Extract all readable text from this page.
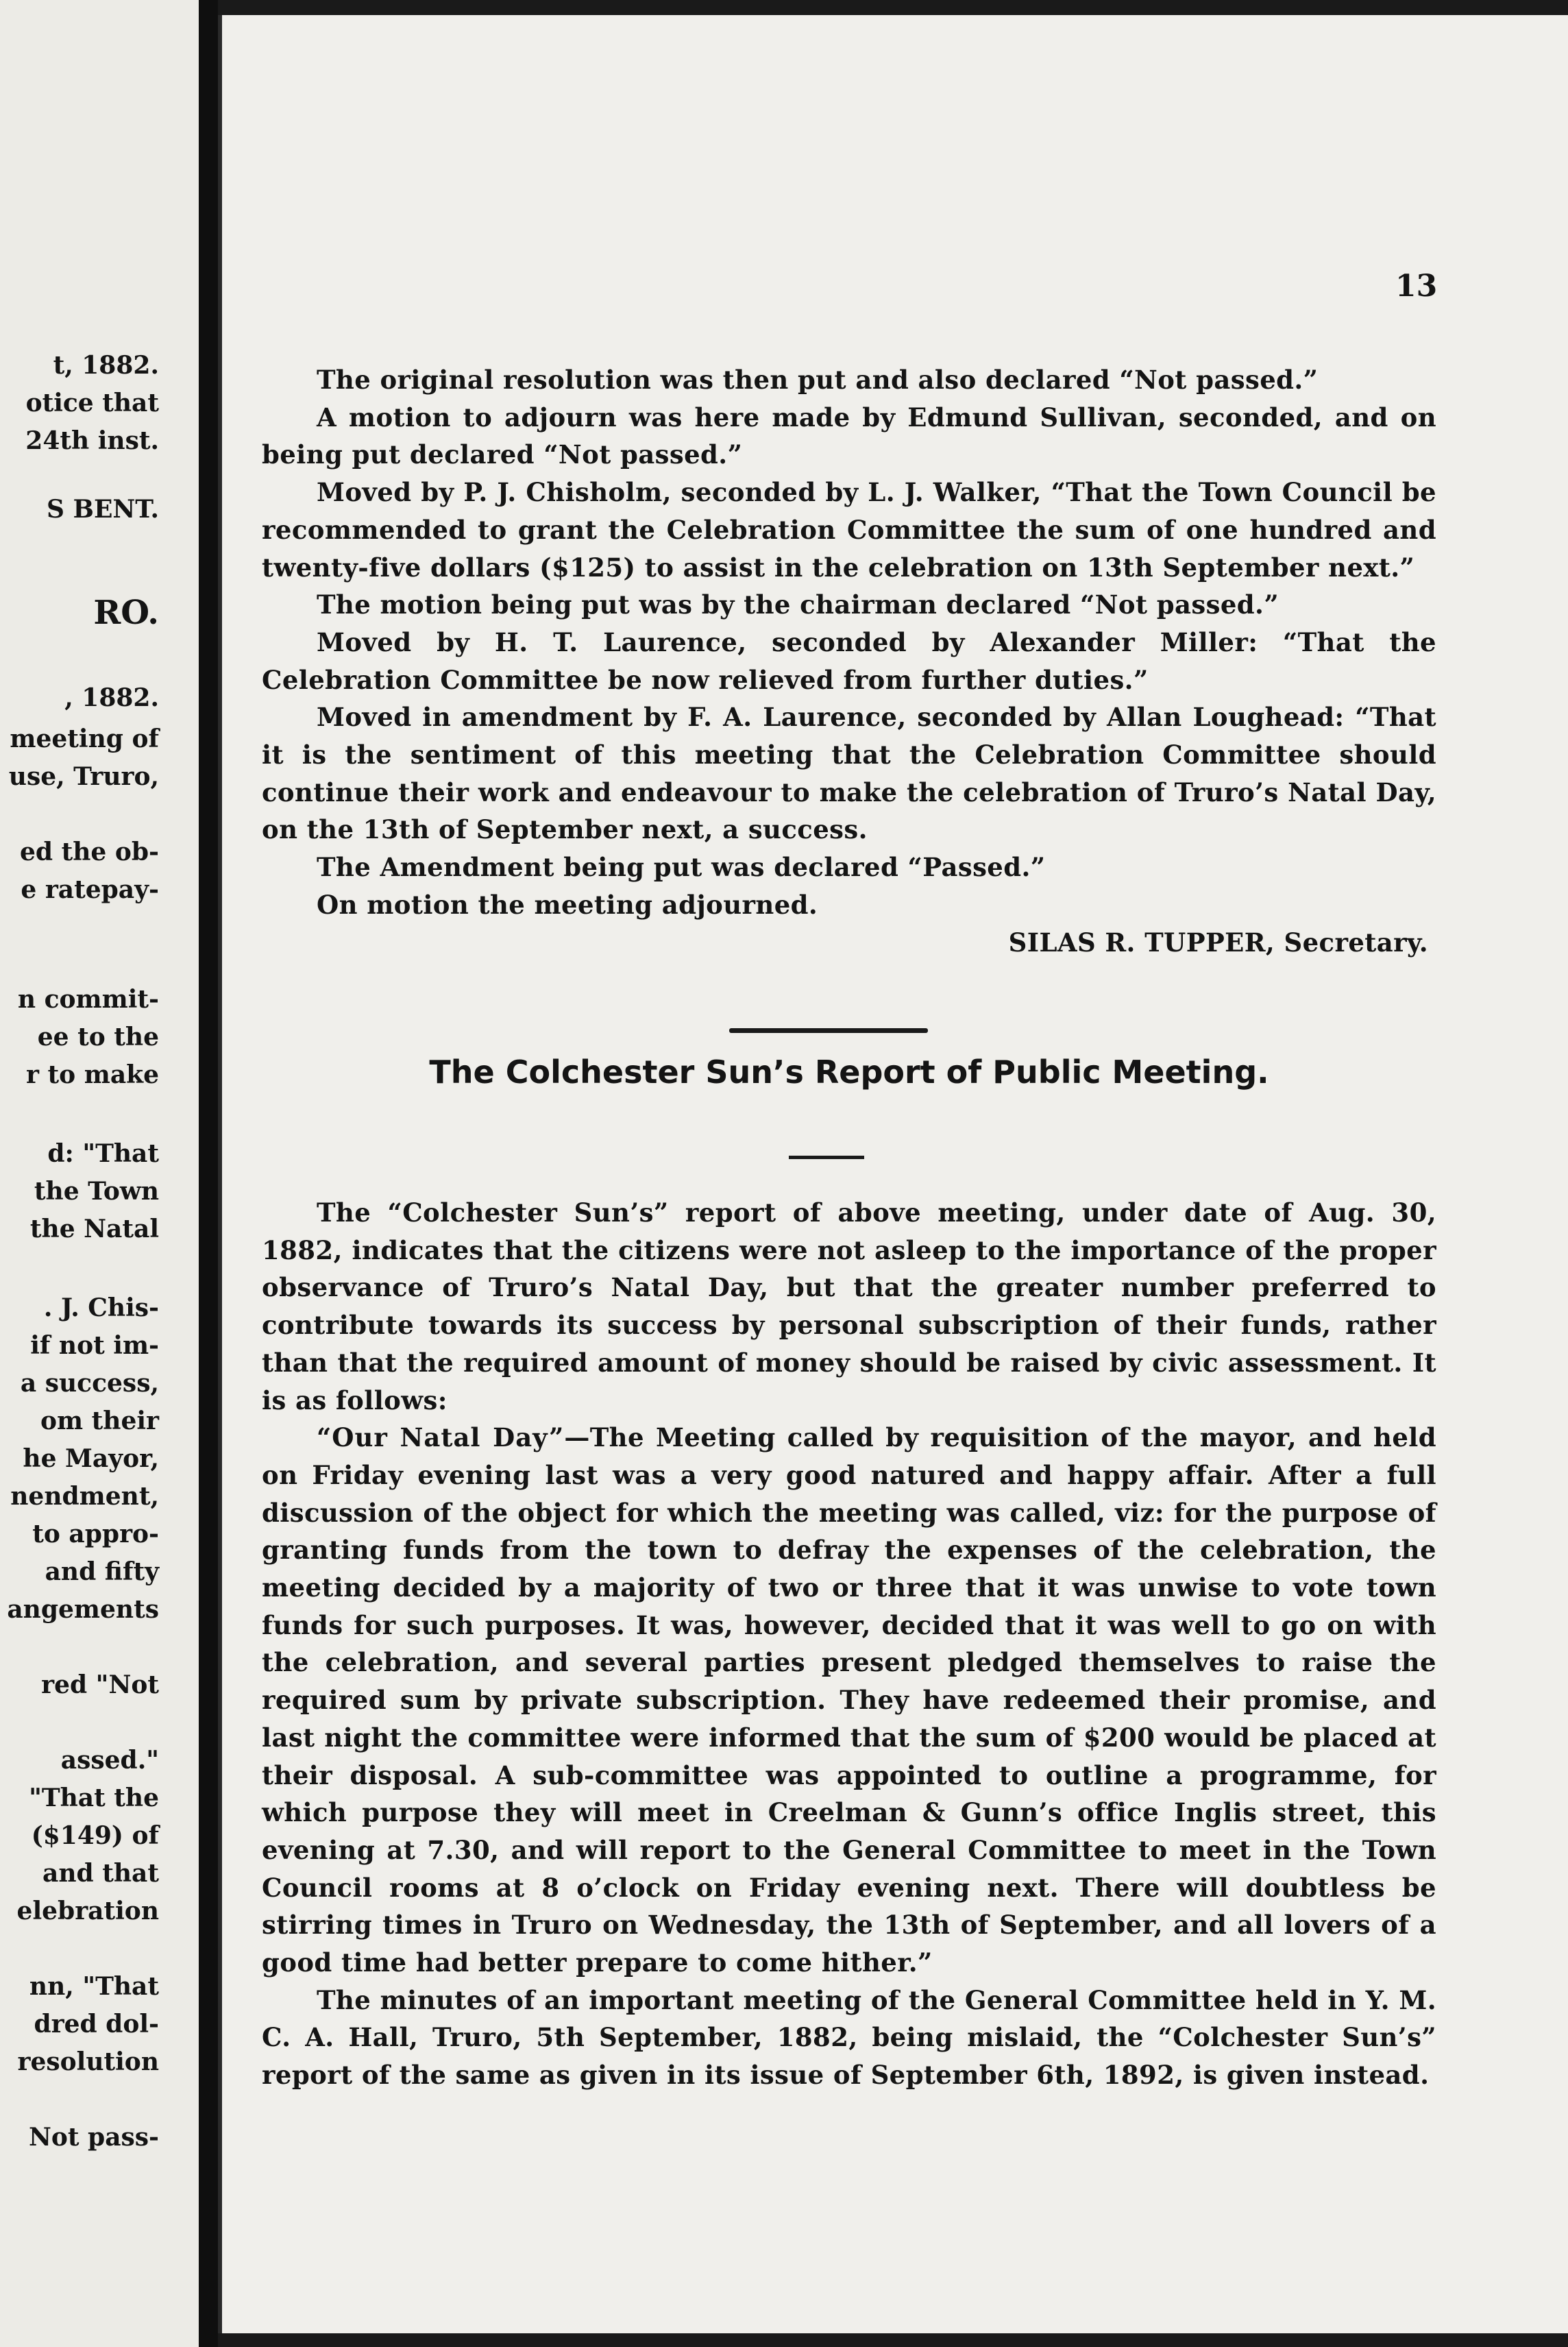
t, 1882.
otice that
24th inst.
S BENT.
RO.
, 1882.
meeting of
use, Truro,
ed the ob-
e ratepay-
n commit-
ee to the
r to make
d: "That
the Town
the Natal
. J. Chis-
if not im-
a success,
om their
he Mayor,
nendment,
to appro-
and fifty
angements
red "Not
assed."
"That the
($149) of
and that
elebration
nn, "That
dred dol-
resolution
Not pass-
13

The original resolution was then put and also declared “Not passed.”

A motion to adjourn was here made by Edmund Sullivan, seconded, and on being put declared “Not passed.”

Moved by P. J. Chisholm, seconded by L. J. Walker, “That the Town Council be recommended to grant the Celebration Committee the sum of one hundred and twenty-five dollars ($125) to assist in the celebration on 13th September next.”

The motion being put was by the chairman declared “Not passed.”

Moved by H. T. Laurence, seconded by Alexander Miller: “That the Celebration Committee be now relieved from further duties.”

Moved in amendment by F. A. Laurence, seconded by Allan Loughead: “That it is the sentiment of this meeting that the Celebration Committee should continue their work and endeavour to make the celebration of Truro’s Natal Day, on the 13th of September next, a success.

The Amendment being put was declared “Passed.”

On motion the meeting adjourned.

SILAS R. TUPPER, Secretary.

The Colchester Sun’s Report of Public Meeting.

The “Colchester Sun’s” report of above meeting, under date of Aug. 30, 1882, indicates that the citizens were not asleep to the importance of the proper observance of Truro’s Natal Day, but that the greater number preferred to contribute towards its success by personal subscription of their funds, rather than that the required amount of money should be raised by civic assessment. It is as follows:

“Our Natal Day”—The Meeting called by requisition of the mayor, and held on Friday evening last was a very good natured and happy affair. After a full discussion of the object for which the meeting was called, viz: for the purpose of granting funds from the town to defray the expenses of the celebration, the meeting decided by a majority of two or three that it was unwise to vote town funds for such purposes. It was, however, decided that it was well to go on with the celebration, and several parties present pledged themselves to raise the required sum by private subscription. They have redeemed their promise, and last night the committee were informed that the sum of $200 would be placed at their disposal. A sub-committee was appointed to outline a programme, for which purpose they will meet in Creelman & Gunn’s office Inglis street, this evening at 7.30, and will report to the General Committee to meet in the Town Council rooms at 8 o’clock on Friday evening next. There will doubtless be stirring times in Truro on Wednesday, the 13th of September, and all lovers of a good time had better prepare to come hither.”

The minutes of an important meeting of the General Committee held in Y. M. C. A. Hall, Truro, 5th September, 1882, being mislaid, the “Colchester Sun’s” report of the same as given in its issue of September 6th, 1892, is given instead.
